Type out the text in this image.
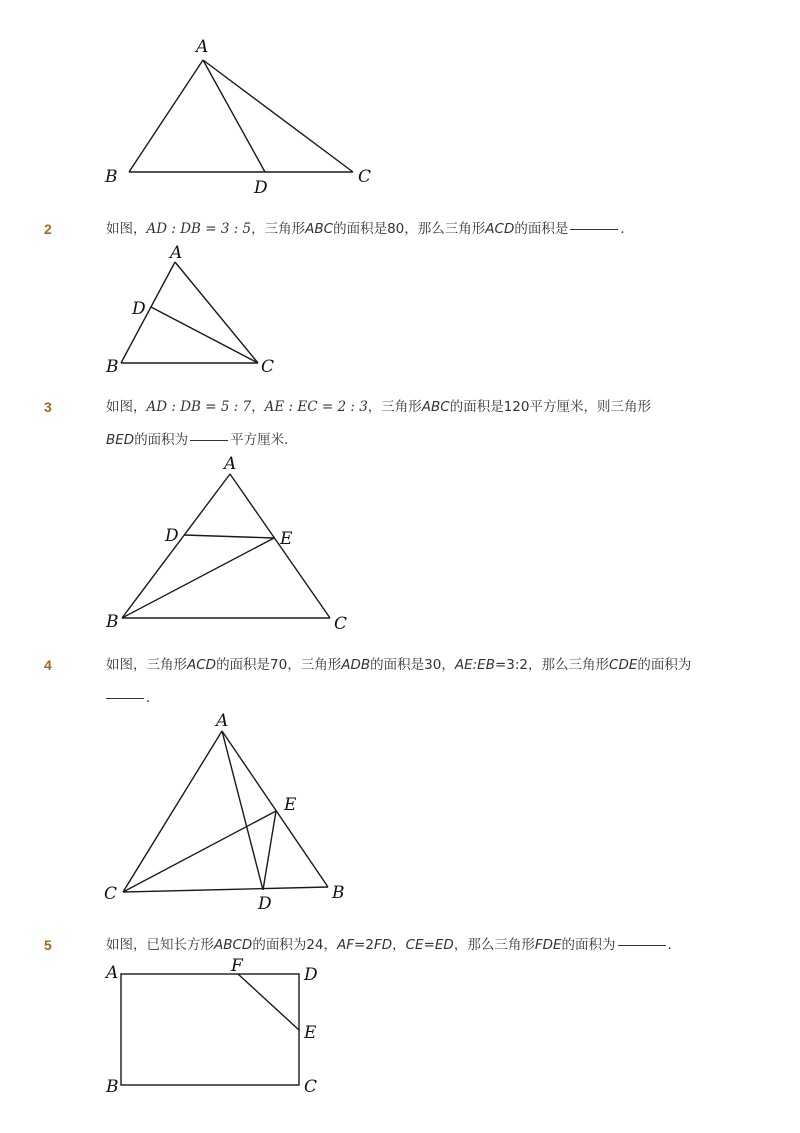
A
B	C
D
2	如图，AD : DB = 3 : 5，三角形ABC的面积是80，那么三角形ACD的面积是	．
A
B	C
D
3	如图，AD : DB = 5 : 7，AE : EC = 2 : 3，三角形ABC的面积是120平方厘米，则三角形
BED的面积为	平方厘米．
A
B	C
D	E
4	如图，三角形ACD的面积是70，三角形ADB的面积是30，AE:EB=3:2，那么三角形CDE的面积为
．
A
B
C	D
E
5	如图，已知长方形ABCD的面积为24，AF=2FD，CE=ED，那么三角形FDE的面积为	．
A
B	C
D
E
F
